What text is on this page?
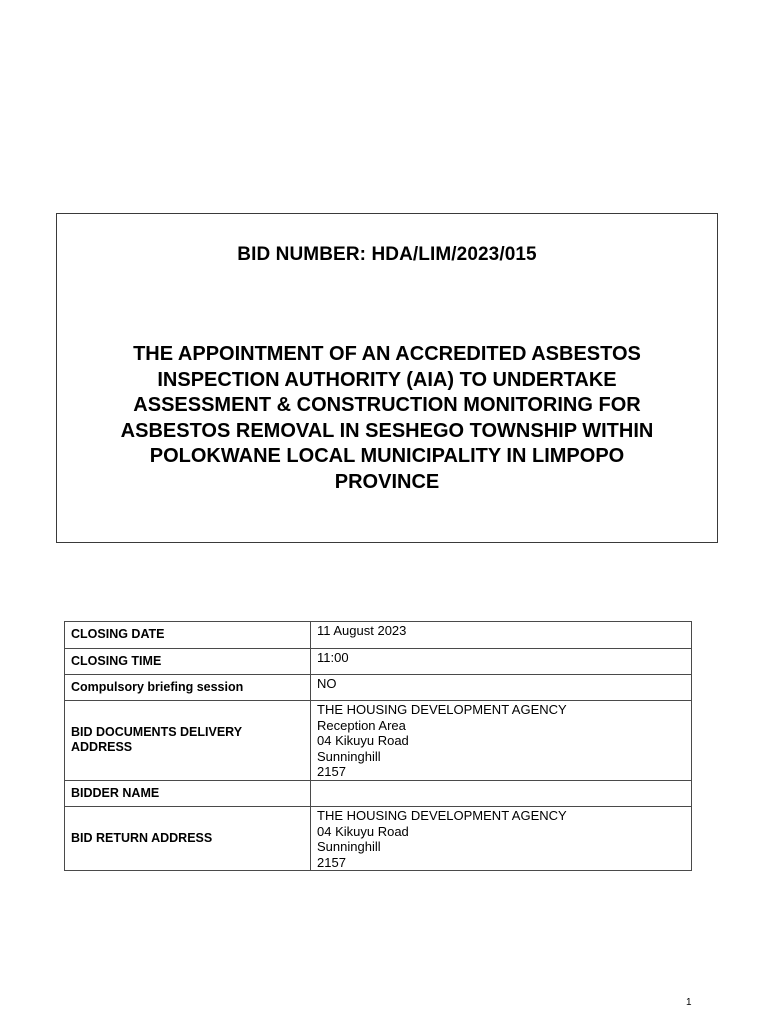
BID NUMBER: HDA/LIM/2023/015
THE APPOINTMENT OF AN ACCREDITED ASBESTOS
INSPECTION AUTHORITY (AIA) TO UNDERTAKE
ASSESSMENT & CONSTRUCTION MONITORING FOR
ASBESTOS REMOVAL IN SESHEGO TOWNSHIP WITHIN
POLOKWANE LOCAL MUNICIPALITY IN LIMPOPO
PROVINCE
CLOSING DATE	11 August 2023

CLOSING TIME	11:00

Compulsory briefing session	NO

BID DOCUMENTS DELIVERY ADDRESS	THE HOUSING DEVELOPMENT AGENCY
Reception Area
04 Kikuyu Road
Sunninghill
2157

BIDDER NAME	
BID RETURN ADDRESS	THE HOUSING DEVELOPMENT AGENCY
04 Kikuyu Road
Sunninghill
2157
1
